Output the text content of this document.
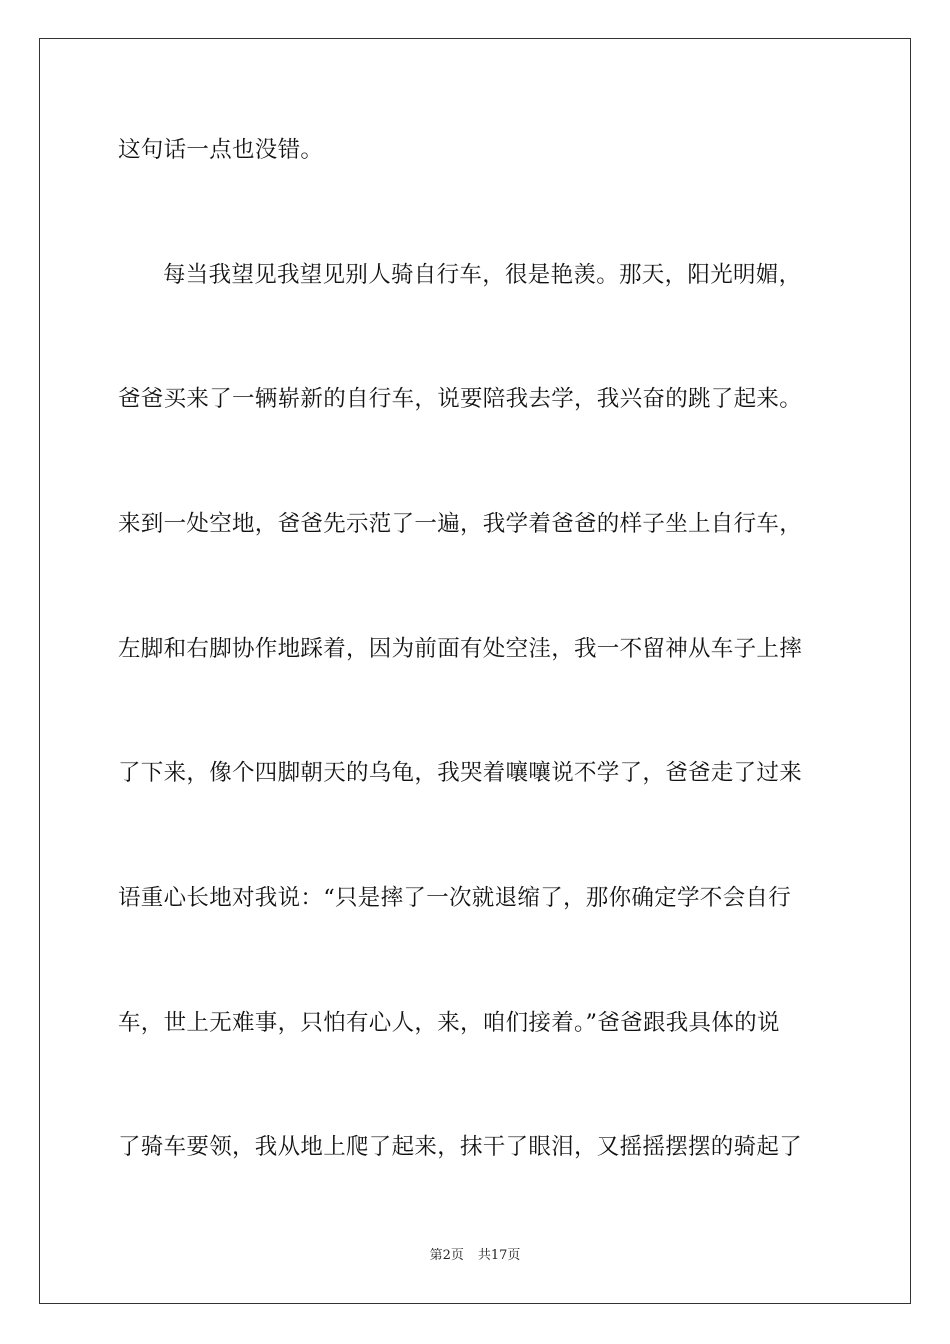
这句话一点也没错。
每当我望见我望见别人骑自行车，很是艳羡。那天，阳光明媚，
爸爸买来了一辆崭新的自行车，说要陪我去学，我兴奋的跳了起来。
来到一处空地，爸爸先示范了一遍，我学着爸爸的样子坐上自行车，
左脚和右脚协作地踩着，因为前面有处空洼，我一不留神从车子上摔
了下来，像个四脚朝天的乌龟，我哭着嚷嚷说不学了，爸爸走了过来
语重心长地对我说：“只是摔了一次就退缩了，那你确定学不会自行
车，世上无难事，只怕有心人，来，咱们接着。”爸爸跟我具体的说
了骑车要领，我从地上爬了起来，抹干了眼泪，又摇摇摆摆的骑起了
第2页 共17页
